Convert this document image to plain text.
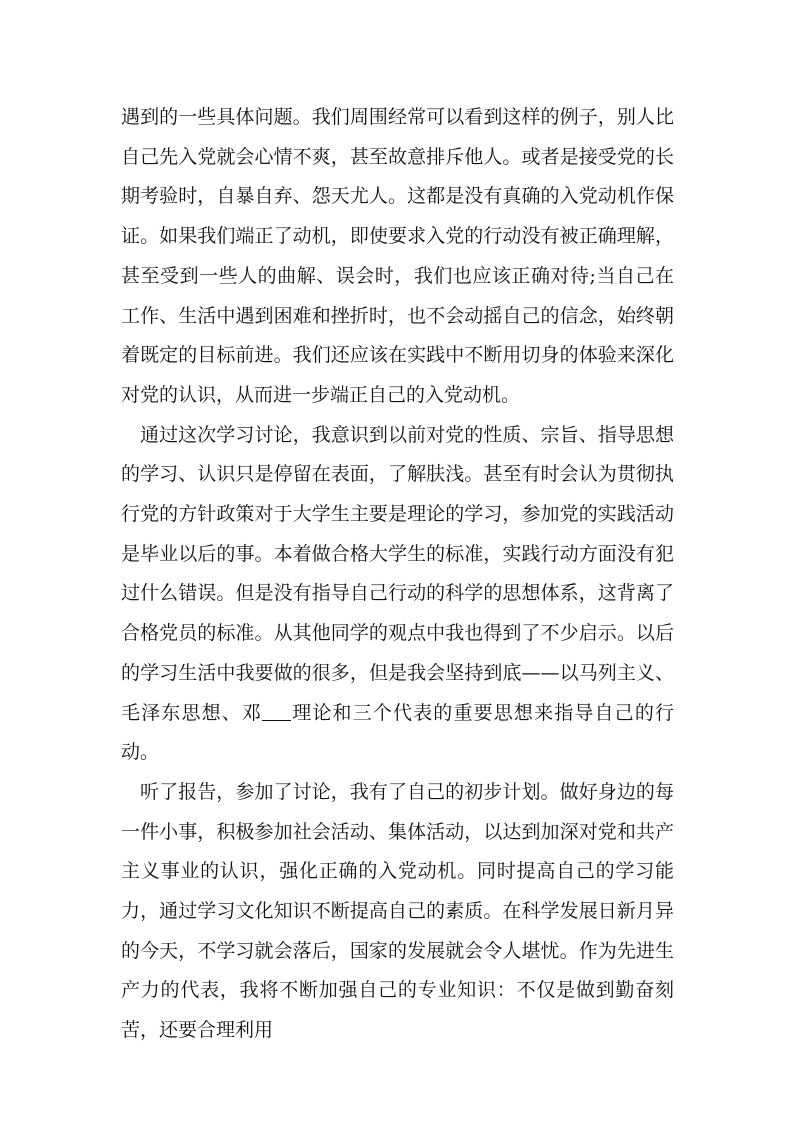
遇到的一些具体问题。我们周围经常可以看到这样的例子，别人比自己先入党就会心情不爽，甚至故意排斥他人。或者是接受党的长期考验时，自暴自弃、怨天尤人。这都是没有真确的入党动机作保证。如果我们端正了动机，即使要求入党的行动没有被正确理解，甚至受到一些人的曲解、误会时，我们也应该正确对待;当自己在工作、生活中遇到困难和挫折时，也不会动摇自己的信念，始终朝着既定的目标前进。我们还应该在实践中不断用切身的体验来深化对党的认识，从而进一步端正自己的入党动机。

通过这次学习讨论，我意识到以前对党的性质、宗旨、指导思想的学习、认识只是停留在表面，了解肤浅。甚至有时会认为贯彻执行党的方针政策对于大学生主要是理论的学习，参加党的实践活动是毕业以后的事。本着做合格大学生的标准，实践行动方面没有犯过什么错误。但是没有指导自己行动的科学的思想体系，这背离了合格党员的标准。从其他同学的观点中我也得到了不少启示。以后的学习生活中我要做的很多，但是我会坚持到底——以马列主义、毛泽东思想、邓 理论和三个代表的重要思想来指导自己的行动。

听了报告，参加了讨论，我有了自己的初步计划。做好身边的每一件小事，积极参加社会活动、集体活动，以达到加深对党和共产主义事业的认识，强化正确的入党动机。同时提高自己的学习能力，通过学习文化知识不断提高自己的素质。在科学发展日新月异的今天，不学习就会落后，国家的发展就会令人堪忧。作为先进生产力的代表，我将不断加强自己的专业知识：不仅是做到勤奋刻苦，还要合理利用
